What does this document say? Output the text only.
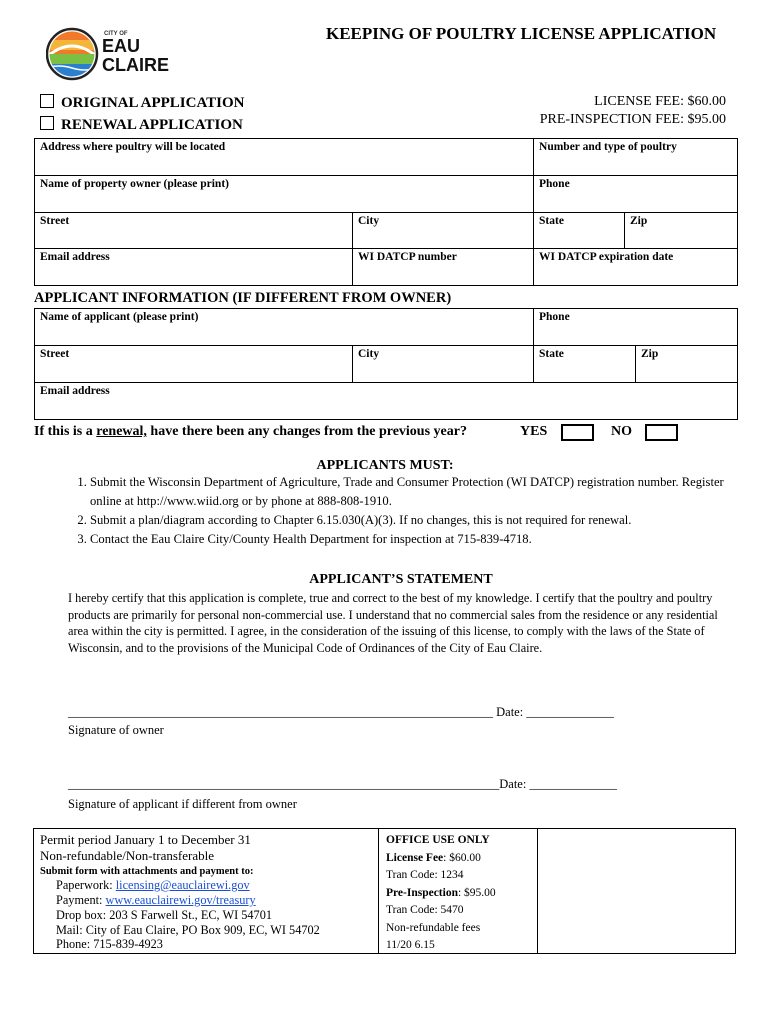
CITY OF
EAU
CLAIRE
KEEPING OF POULTRY LICENSE APPLICATION
ORIGINAL APPLICATION
RENEWAL APPLICATION
LICENSE FEE: $60.00
PRE-INSPECTION FEE: $95.00
Address where poultry will be located		Number and type of poultry	
Name of property owner (please print)		Phone	
Street	City	State	Zip
Email address	WI DATCP number	WI DATCP expiration date	
APPLICANT INFORMATION (IF DIFFERENT FROM OWNER)
Name of applicant (please print)		Phone	
Street	City	State	Zip
Email address			
If this is a renewal, have there been any changes from the previous year?	YES	NO
APPLICANTS MUST:
1. Submit the Wisconsin Department of Agriculture, Trade and Consumer Protection (WI DATCP) registration number. Register online at http://www.wiid.org or by phone at 888-808-1910.
2. Submit a plan/diagram according to Chapter 6.15.030(A)(3). If no changes, this is not required for renewal.
3. Contact the Eau Claire City/County Health Department for inspection at 715-839-4718.
APPLICANT’S STATEMENT
I hereby certify that this application is complete, true and correct to the best of my knowledge. I certify that the poultry and poultry products are primarily for personal non-commercial use. I understand that no commercial sales from the residence or any residential area within the city is permitted. I agree, in the consideration of the issuing of this license, to comply with the laws of the State of Wisconsin, and to the provisions of the Municipal Code of Ordinances of the City of Eau Claire.
____________________________________________________________________ Date: ______________
Signature of owner
_____________________________________________________________________Date: ______________
Signature of applicant if different from owner
Permit period January 1 to December 31
Non-refundable/Non-transferable
Submit form with attachments and payment to:
Paperwork: licensing@eauclairewi.gov
Payment: www.eauclairewi.gov/treasury
Drop box: 203 S Farwell St., EC, WI 54701
Mail: City of Eau Claire, PO Box 909, EC, WI 54702
Phone: 715-839-4923
OFFICE USE ONLY
License Fee: $60.00
Tran Code: 1234
Pre-Inspection: $95.00
Tran Code: 5470
Non-refundable fees
11/20 6.15
